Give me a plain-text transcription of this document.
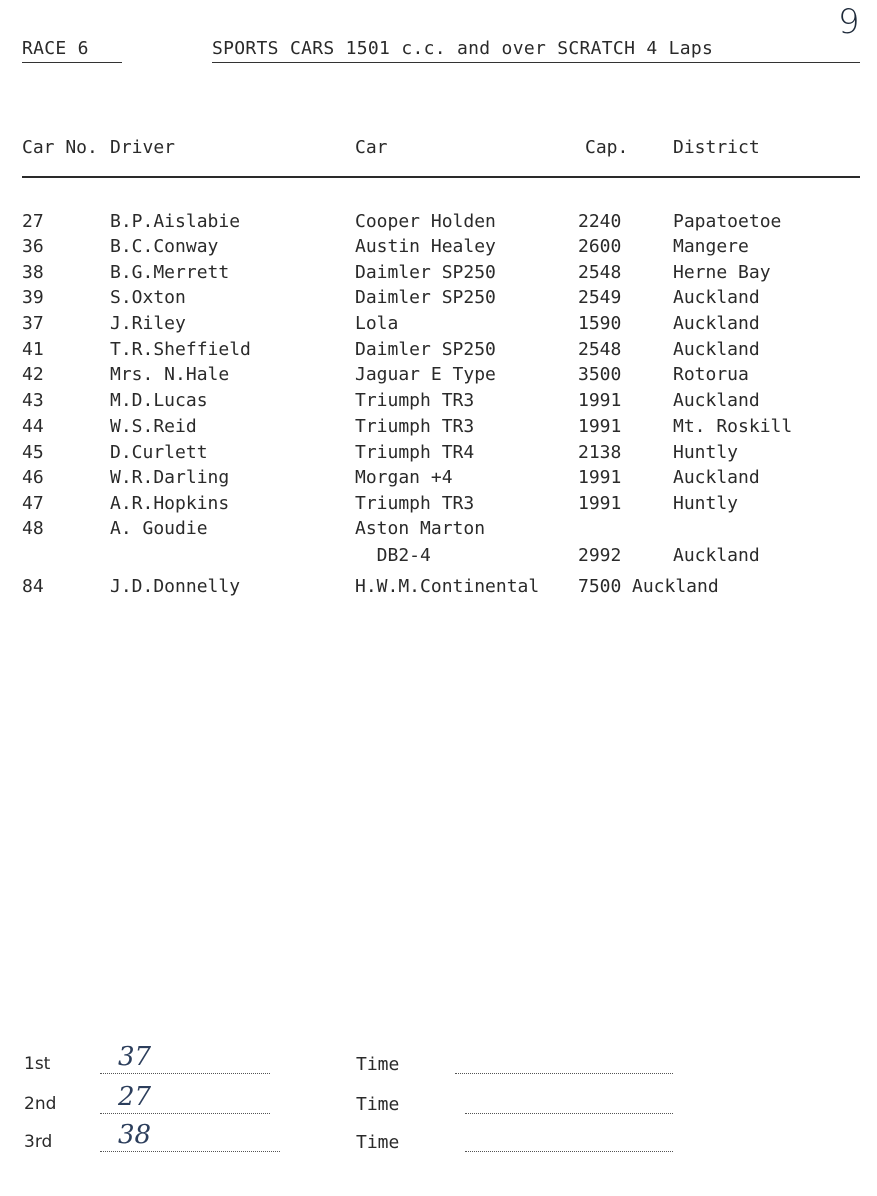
9
RACE 6	SPORTS CARS 1501 c.c. and over SCRATCH 4 Laps
Car No. Driver	Car	Cap. District
27	B.P.Aislabie	Cooper Holden	2240	Papatoetoe
36	B.C.Conway	Austin Healey	2600	Mangere
38	B.G.Merrett	Daimler SP250	2548	Herne Bay
39	S.Oxton	Daimler SP250	2549	Auckland
37	J.Riley	Lola	1590	Auckland
41	T.R.Sheffield	Daimler SP250	2548	Auckland
42	Mrs. N.Hale	Jaguar E Type	3500	Rotorua
43	M.D.Lucas	Triumph TR3	1991	Auckland
44	W.S.Reid	Triumph TR3	1991	Mt. Roskill
45	D.Curlett	Triumph TR4	2138	Huntly
46	W.R.Darling	Morgan +4	1991	Auckland
47	A.R.Hopkins	Triumph TR3	1991	Huntly
48	A. Goudie	Aston Marton
DB2-4	2992	Auckland
84	J.D.Donnelly	H.W.M.Continental 7500 Auckland
1st	37	Time
2nd 27	Time
3rd	38	Time
